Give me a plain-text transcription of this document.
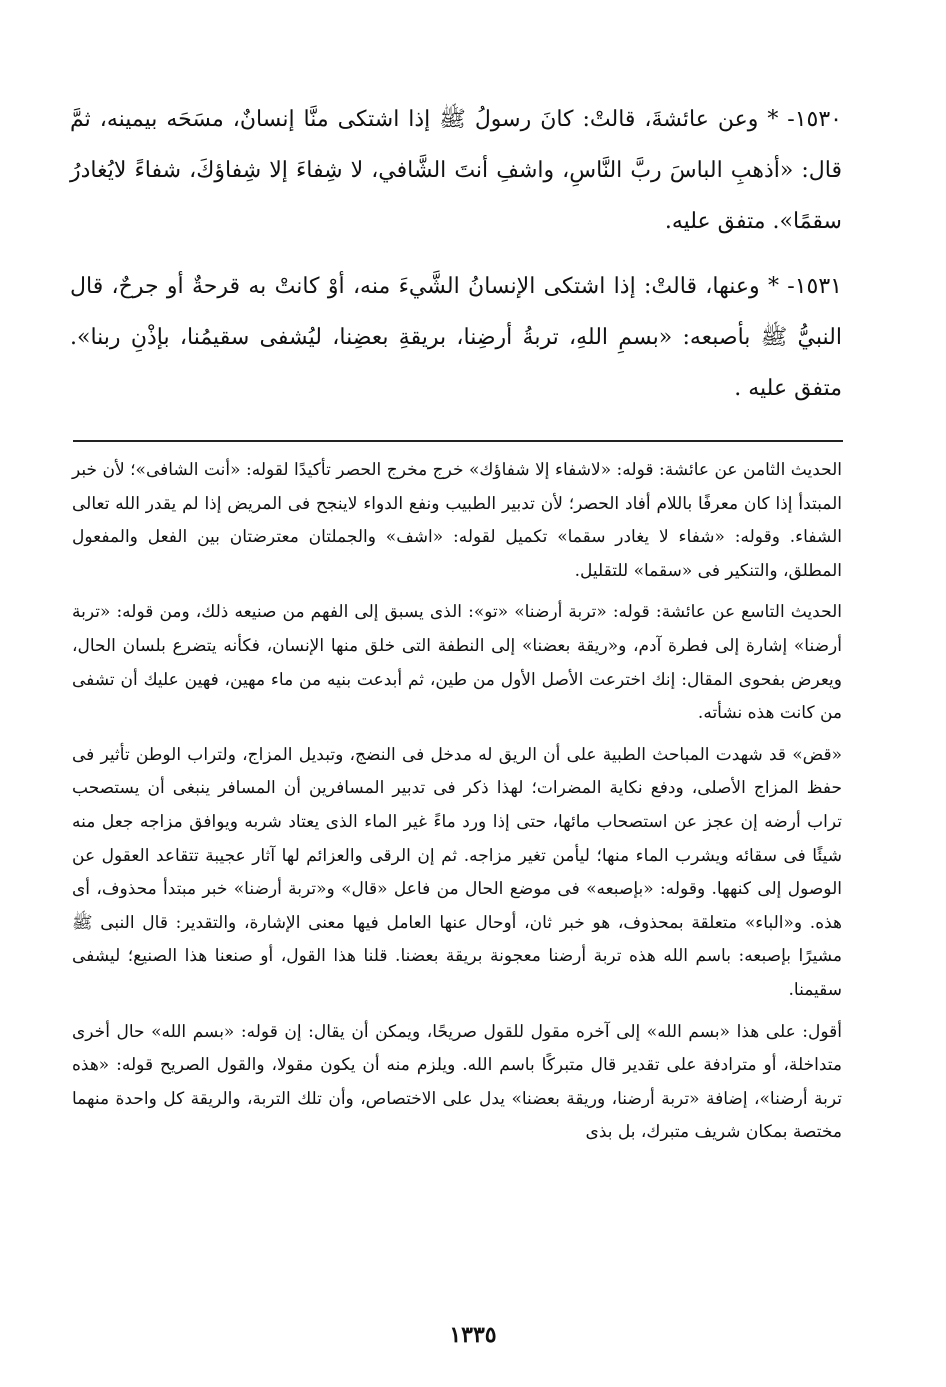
١٥٣٠- * وعن عائشةَ، قالتْ: كانَ رسولُ ﷺ إذا اشتكى منَّا إنسانٌ، مسَحَه بيمينه، ثمَّ قال: «أذهبِ الباسَ ربَّ النَّاسِ، واشفِ أنتَ الشَّافي، لا شِفاءَ إلا شِفاؤكَ، شفاءً لايُغادرُ سقمًا». متفق عليه.

١٥٣١- * وعنها، قالتْ: إذا اشتكى الإنسانُ الشَّيءَ منه، أوْ كانتْ به قرحةٌ أو جرحٌ، قال النبيُّ ﷺ بأصبعه: «بسمِ اللهِ، تربةُ أرضِنا، بريقةِ بعضِنا، ليُشفى سقيمُنا، بإذْنِ ربنا». متفق عليه .

الحديث الثامن عن عائشة: قوله: «لاشفاء إلا شفاؤك» خرج مخرج الحصر تأكيدًا لقوله: «أنت الشافى»؛ لأن خبر المبتدأ إذا كان معرفًا باللام أفاد الحصر؛ لأن تدبير الطبيب ونفع الدواء لاينجح فى المريض إذا لم يقدر الله تعالى الشفاء. وقوله: «شفاء لا يغادر سقما» تكميل لقوله: «اشف» والجملتان معترضتان بين الفعل والمفعول المطلق، والتنكير فى «سقما» للتقليل.

الحديث التاسع عن عائشة: قوله: «تربة أرضنا» «تو»: الذى يسبق إلى الفهم من صنيعه ذلك، ومن قوله: «تربة أرضنا» إشارة إلى فطرة آدم، و«ريقة بعضنا» إلى النطفة التى خلق منها الإنسان، فكأنه يتضرع بلسان الحال، ويعرض بفحوى المقال: إنك اخترعت الأصل الأول من طين، ثم أبدعت بنيه من ماء مهين، فهين عليك أن تشفى من كانت هذه نشأته.

«قض» قد شهدت المباحث الطبية على أن الريق له مدخل فى النضج، وتبديل المزاج، ولتراب الوطن تأثير فى حفظ المزاج الأصلى، ودفع نكاية المضرات؛ لهذا ذكر فى تدبير المسافرين أن المسافر ينبغى أن يستصحب تراب أرضه إن عجز عن استصحاب مائها، حتى إذا ورد ماءً غير الماء الذى يعتاد شربه ويوافق مزاجه جعل منه شيئًا فى سقائه ويشرب الماء منها؛ ليأمن تغير مزاجه. ثم إن الرقى والعزائم لها آثار عجيبة تتقاعد العقول عن الوصول إلى كنهها. وقوله: «بإصبعه» فى موضع الحال من فاعل «قال» و«تربة أرضنا» خبر مبتدأ محذوف، أى هذه. و«الباء» متعلقة بمحذوف، هو خبر ثان، أوحال عنها العامل فيها معنى الإشارة، والتقدير: قال النبى ﷺ مشيرًا بإصبعه: باسم الله هذه تربة أرضنا معجونة بريقة بعضنا. قلنا هذا القول، أو صنعنا هذا الصنيع؛ ليشفى سقيمنا.

أقول: على هذا «بسم الله» إلى آخره مقول للقول صريحًا، ويمكن أن يقال: إن قوله: «بسم الله» حال أخرى متداخلة، أو مترادفة على تقدير قال متبركًا باسم الله. ويلزم منه أن يكون مقولا، والقول الصريح قوله: «هذه تربة أرضنا»، إضافة «تربة أرضنا، وريقة بعضنا» يدل على الاختصاص، وأن تلك التربة، والريقة كل واحدة منهما مختصة بمكان شريف متبرك، بل بذى

١٣٣٥
